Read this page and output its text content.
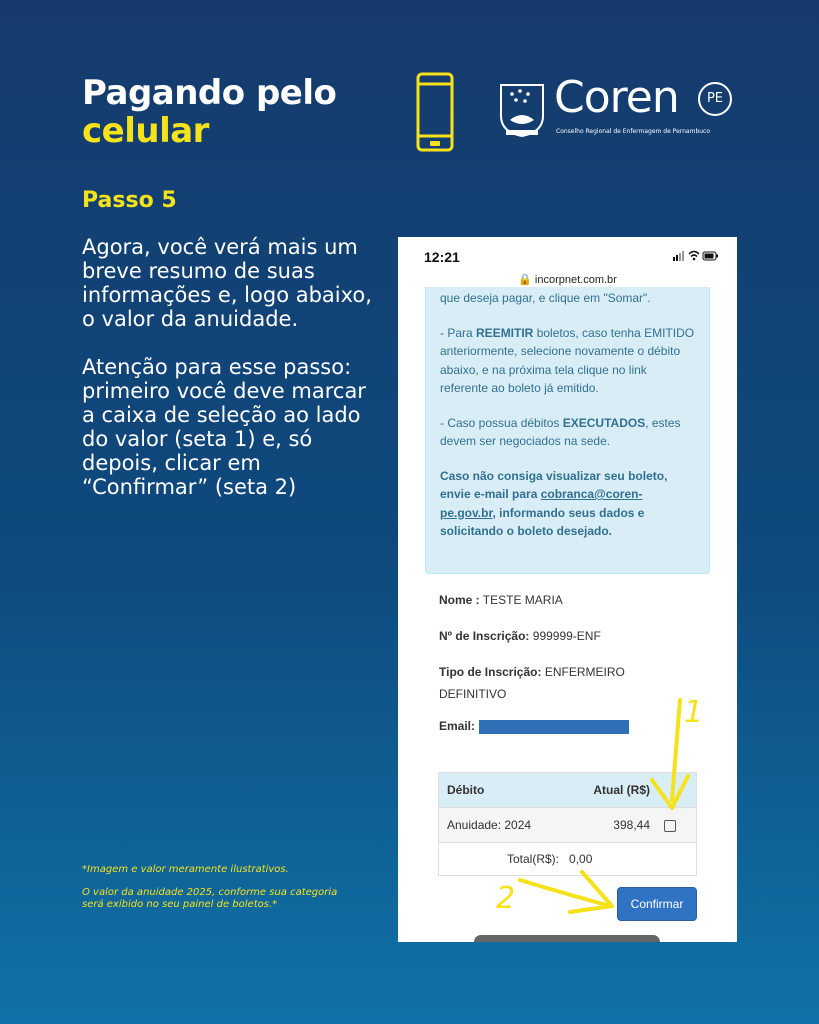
Pagando pelo
celular
Coren	PE
Conselho Regional de Enfermagem de Pernambuco
Passo 5

Agora, você verá mais um breve resumo de suas informações e, logo abaixo, o valor da anuidade.

Atenção para esse passo: primeiro você deve marcar a caixa de seleção ao lado do valor (seta 1) e, só depois, clicar em “Confirmar” (seta 2)

*Imagem e valor meramente ilustrativos.

O valor da anuidade 2025, conforme sua categoria será exibido no seu painel de boletos.*

12:21
🔒 incorpnet.com.br

que deseja pagar, e clique em "Somar".

- Para REEMITIR boletos, caso tenha EMITIDO anteriormente, selecione novamente o débito abaixo, e na próxima tela clique no link referente ao boleto já emitido.

- Caso possua débitos EXECUTADOS, estes devem ser negociados na sede.

Caso não consiga visualizar seu boleto, envie e-mail para cobranca@coren-pe.gov.br, informando seus dados e solicitando o boleto desejado.

Nome : TESTE MARIA
Nº de Inscrição: 999999-ENF
Tipo de Inscrição: ENFERMEIRO
DEFINITIVO
Email:
Débito	Atual (R$)
Anuidade: 2024	398,44
Total(R$): 0,00
Confirmar
1
2
